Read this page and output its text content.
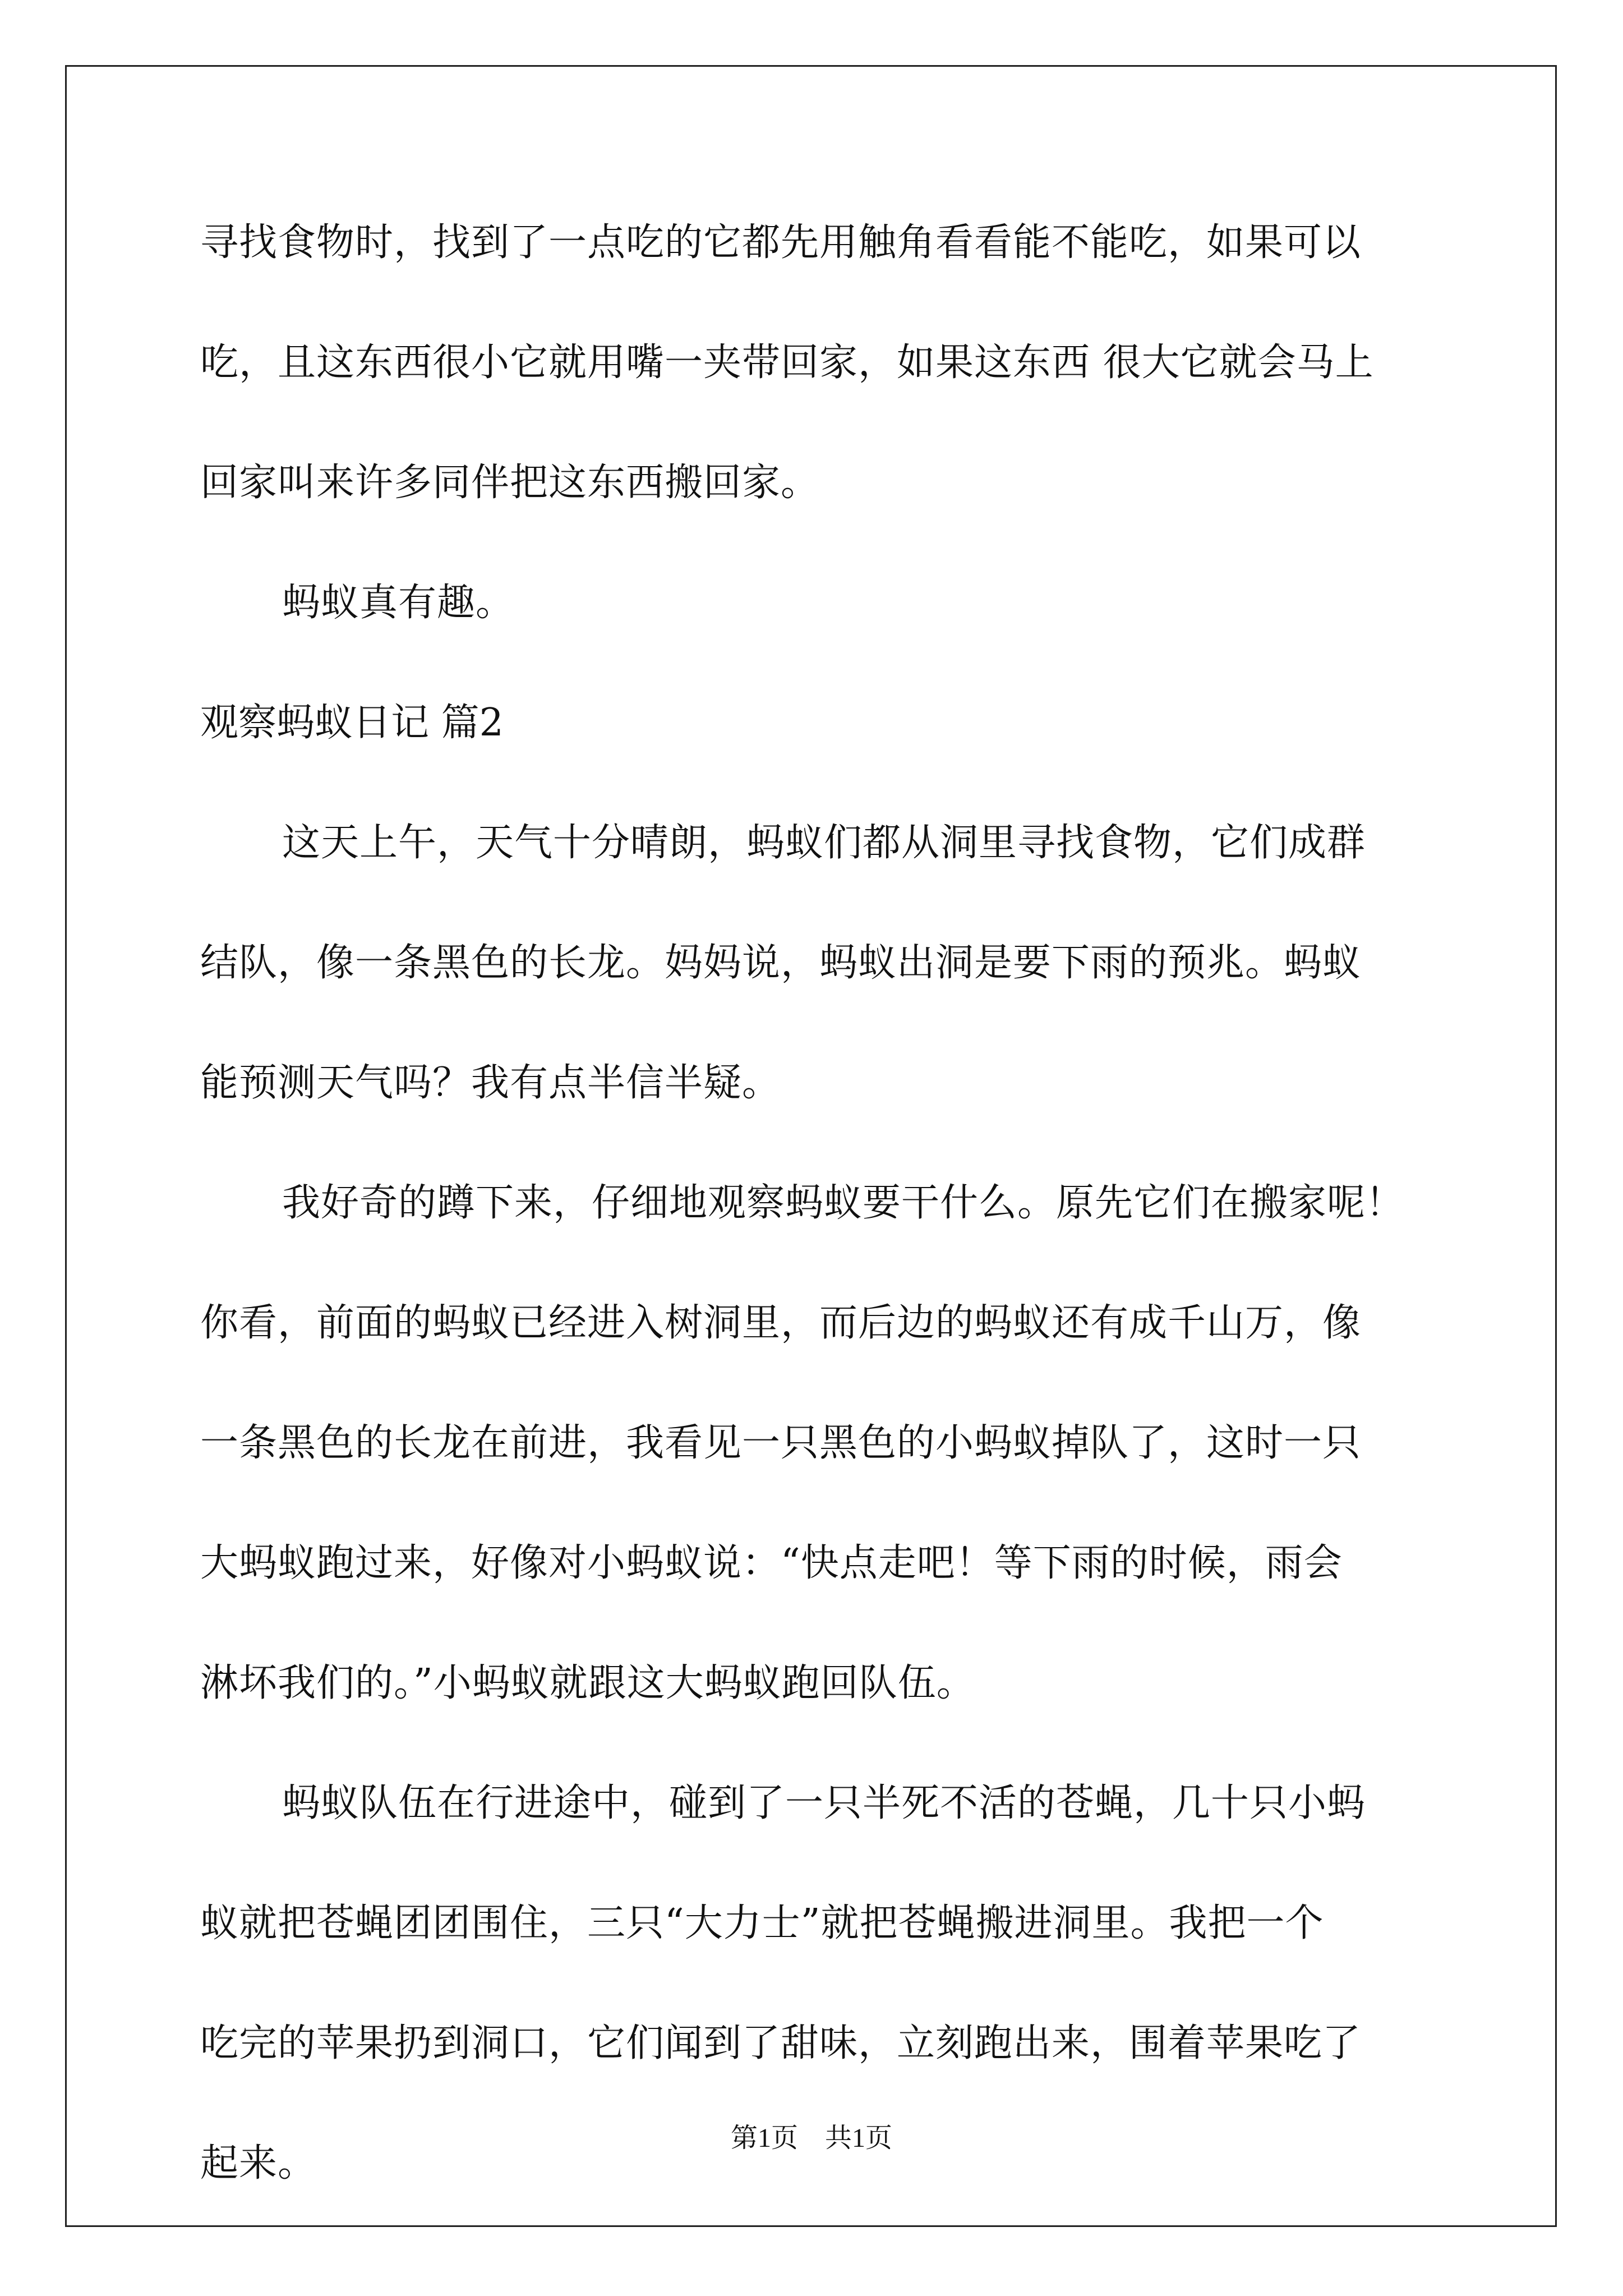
寻找食物时，找到了一点吃的它都先用触角看看能不能吃，如果可以
吃，且这东西很小它就用嘴一夹带回家，如果这东西 很大它就会马上
回家叫来许多同伴把这东西搬回家。
蚂蚁真有趣。
观察蚂蚁日记 篇2
这天上午，天气十分晴朗，蚂蚁们都从洞里寻找食物，它们成群
结队，像一条黑色的长龙。妈妈说，蚂蚁出洞是要下雨的预兆。蚂蚁
能预测天气吗？我有点半信半疑。
我好奇的蹲下来，仔细地观察蚂蚁要干什么。原先它们在搬家呢！
你看，前面的蚂蚁已经进入树洞里，而后边的蚂蚁还有成千山万，像
一条黑色的长龙在前进，我看见一只黑色的小蚂蚁掉队了，这时一只
大蚂蚁跑过来，好像对小蚂蚁说：“快点走吧！等下雨的时候，雨会
淋坏我们的。”小蚂蚁就跟这大蚂蚁跑回队伍。
蚂蚁队伍在行进途中，碰到了一只半死不活的苍蝇，几十只小蚂
蚁就把苍蝇团团围住，三只“大力士”就把苍蝇搬进洞里。我把一个
吃完的苹果扔到洞口，它们闻到了甜味，立刻跑出来，围着苹果吃了
起来。
第1页　共1页
